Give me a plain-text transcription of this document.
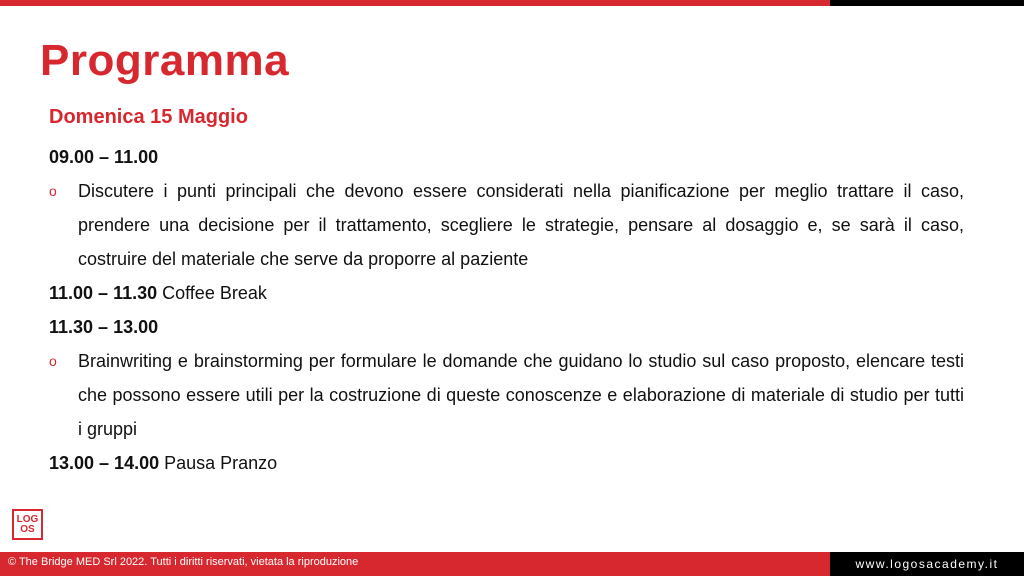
Programma
Domenica 15 Maggio

09.00 – 11.00

o Discutere i punti principali che devono essere considerati nella pianificazione per meglio trattare il caso, prendere una decisione per il trattamento, scegliere le strategie, pensare al dosaggio e, se sarà il caso, costruire del materiale che serve da proporre al paziente

11.00 – 11.30 Coffee Break

11.30 – 13.00

o Brainwriting e brainstorming per formulare le domande che guidano lo studio sul caso proposto, elencare testi che possono essere utili per la costruzione di queste conoscenze e elaborazione di materiale di studio per tutti i gruppi

13.00 – 14.00 Pausa Pranzo

LOG
OS
© The Bridge MED Srl 2022. Tutti i diritti riservati, vietata la riproduzione	www.logosacademy.it
